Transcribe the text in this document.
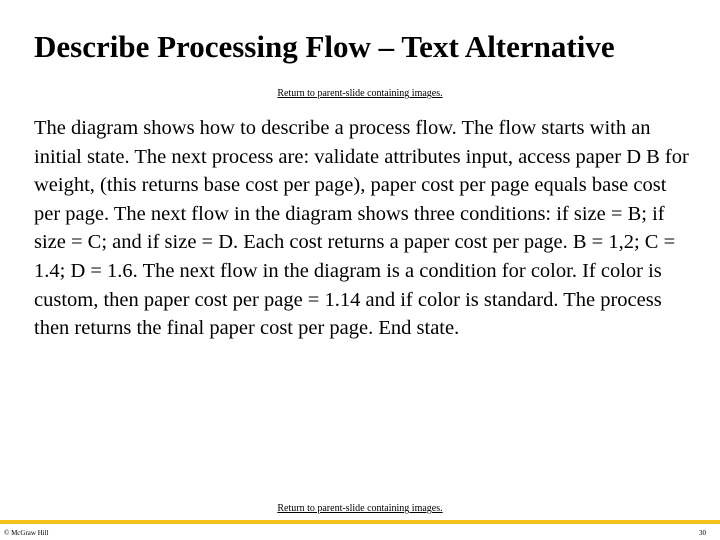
Describe Processing Flow – Text Alternative
Return to parent-slide containing images.

The diagram shows how to describe a process flow. The flow starts with an initial state. The next process are: validate attributes input, access paper D B for weight, (this returns base cost per page), paper cost per page equals base cost per page. The next flow in the diagram shows three conditions: if size = B; if size = C; and if size = D. Each cost returns a paper cost per page. B = 1,2; C = 1.4; D = 1.6. The next flow in the diagram is a condition for color. If color is custom, then paper cost per page = 1.14 and if color is standard. The process then returns the final paper cost per page. End state.

Return to parent-slide containing images.
© McGraw Hill	30
